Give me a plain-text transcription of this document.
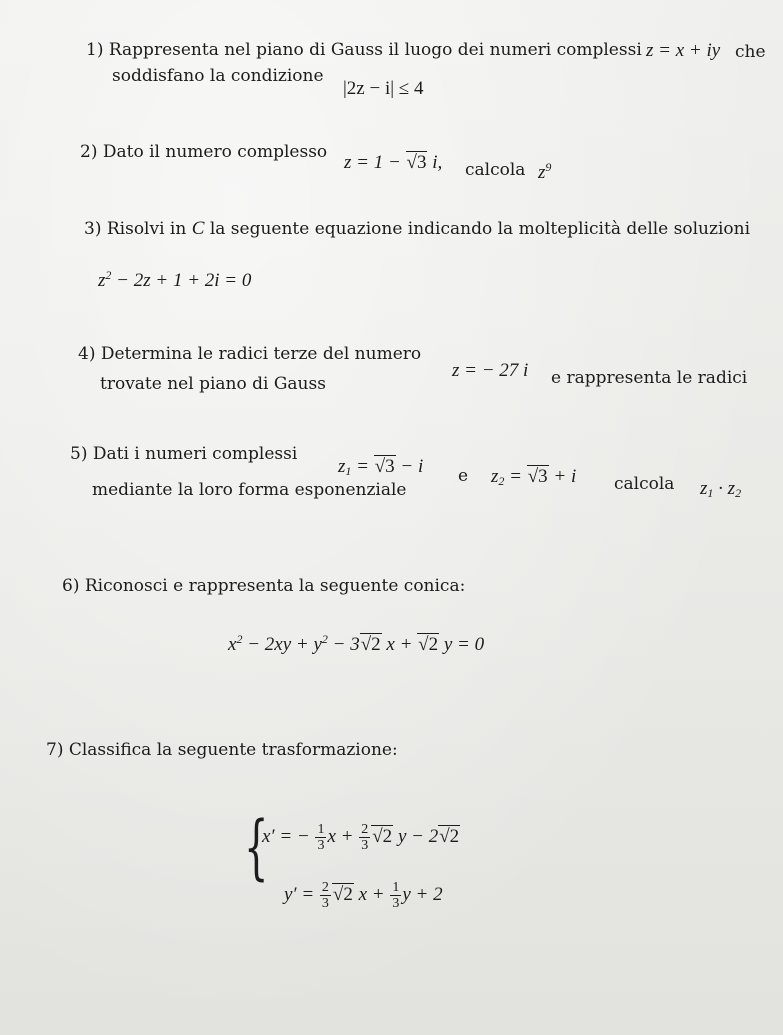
1) Rappresenta nel piano di Gauss il luogo dei numeri complessi z = x + iy che
soddisfano la condizione
|2z − i| ≤ 4
2) Dato il numero complesso z = 1 − √3 i, calcola $z^9$
3) Risolvi in C la seguente equazione indicando la molteplicità delle soluzioni
$z^2 - 2z + 1 + 2i = 0$
4) Determina le radici terze del numero
z = − 27 i e rappresenta le radici
trovate nel piano di Gauss
5) Dati i numeri complessi
$z_1 = √3 - i$ e $z_2 = √3 + i$ calcola $z_1 \cdot z_2$
mediante la loro forma esponenziale
6) Riconosci e rappresenta la seguente conica:
$x^2 - 2xy + y^2 - 3√2$ x + √2 y = 0
7) Classifica la seguente trasformazione:
{
x′ = − $\frac{1}{3}$ $x + \frac{2}{3} √2$ y − 2√2
$y' = \frac{2}{3} √2$ $x + \frac{1}{3}$ y + 2
